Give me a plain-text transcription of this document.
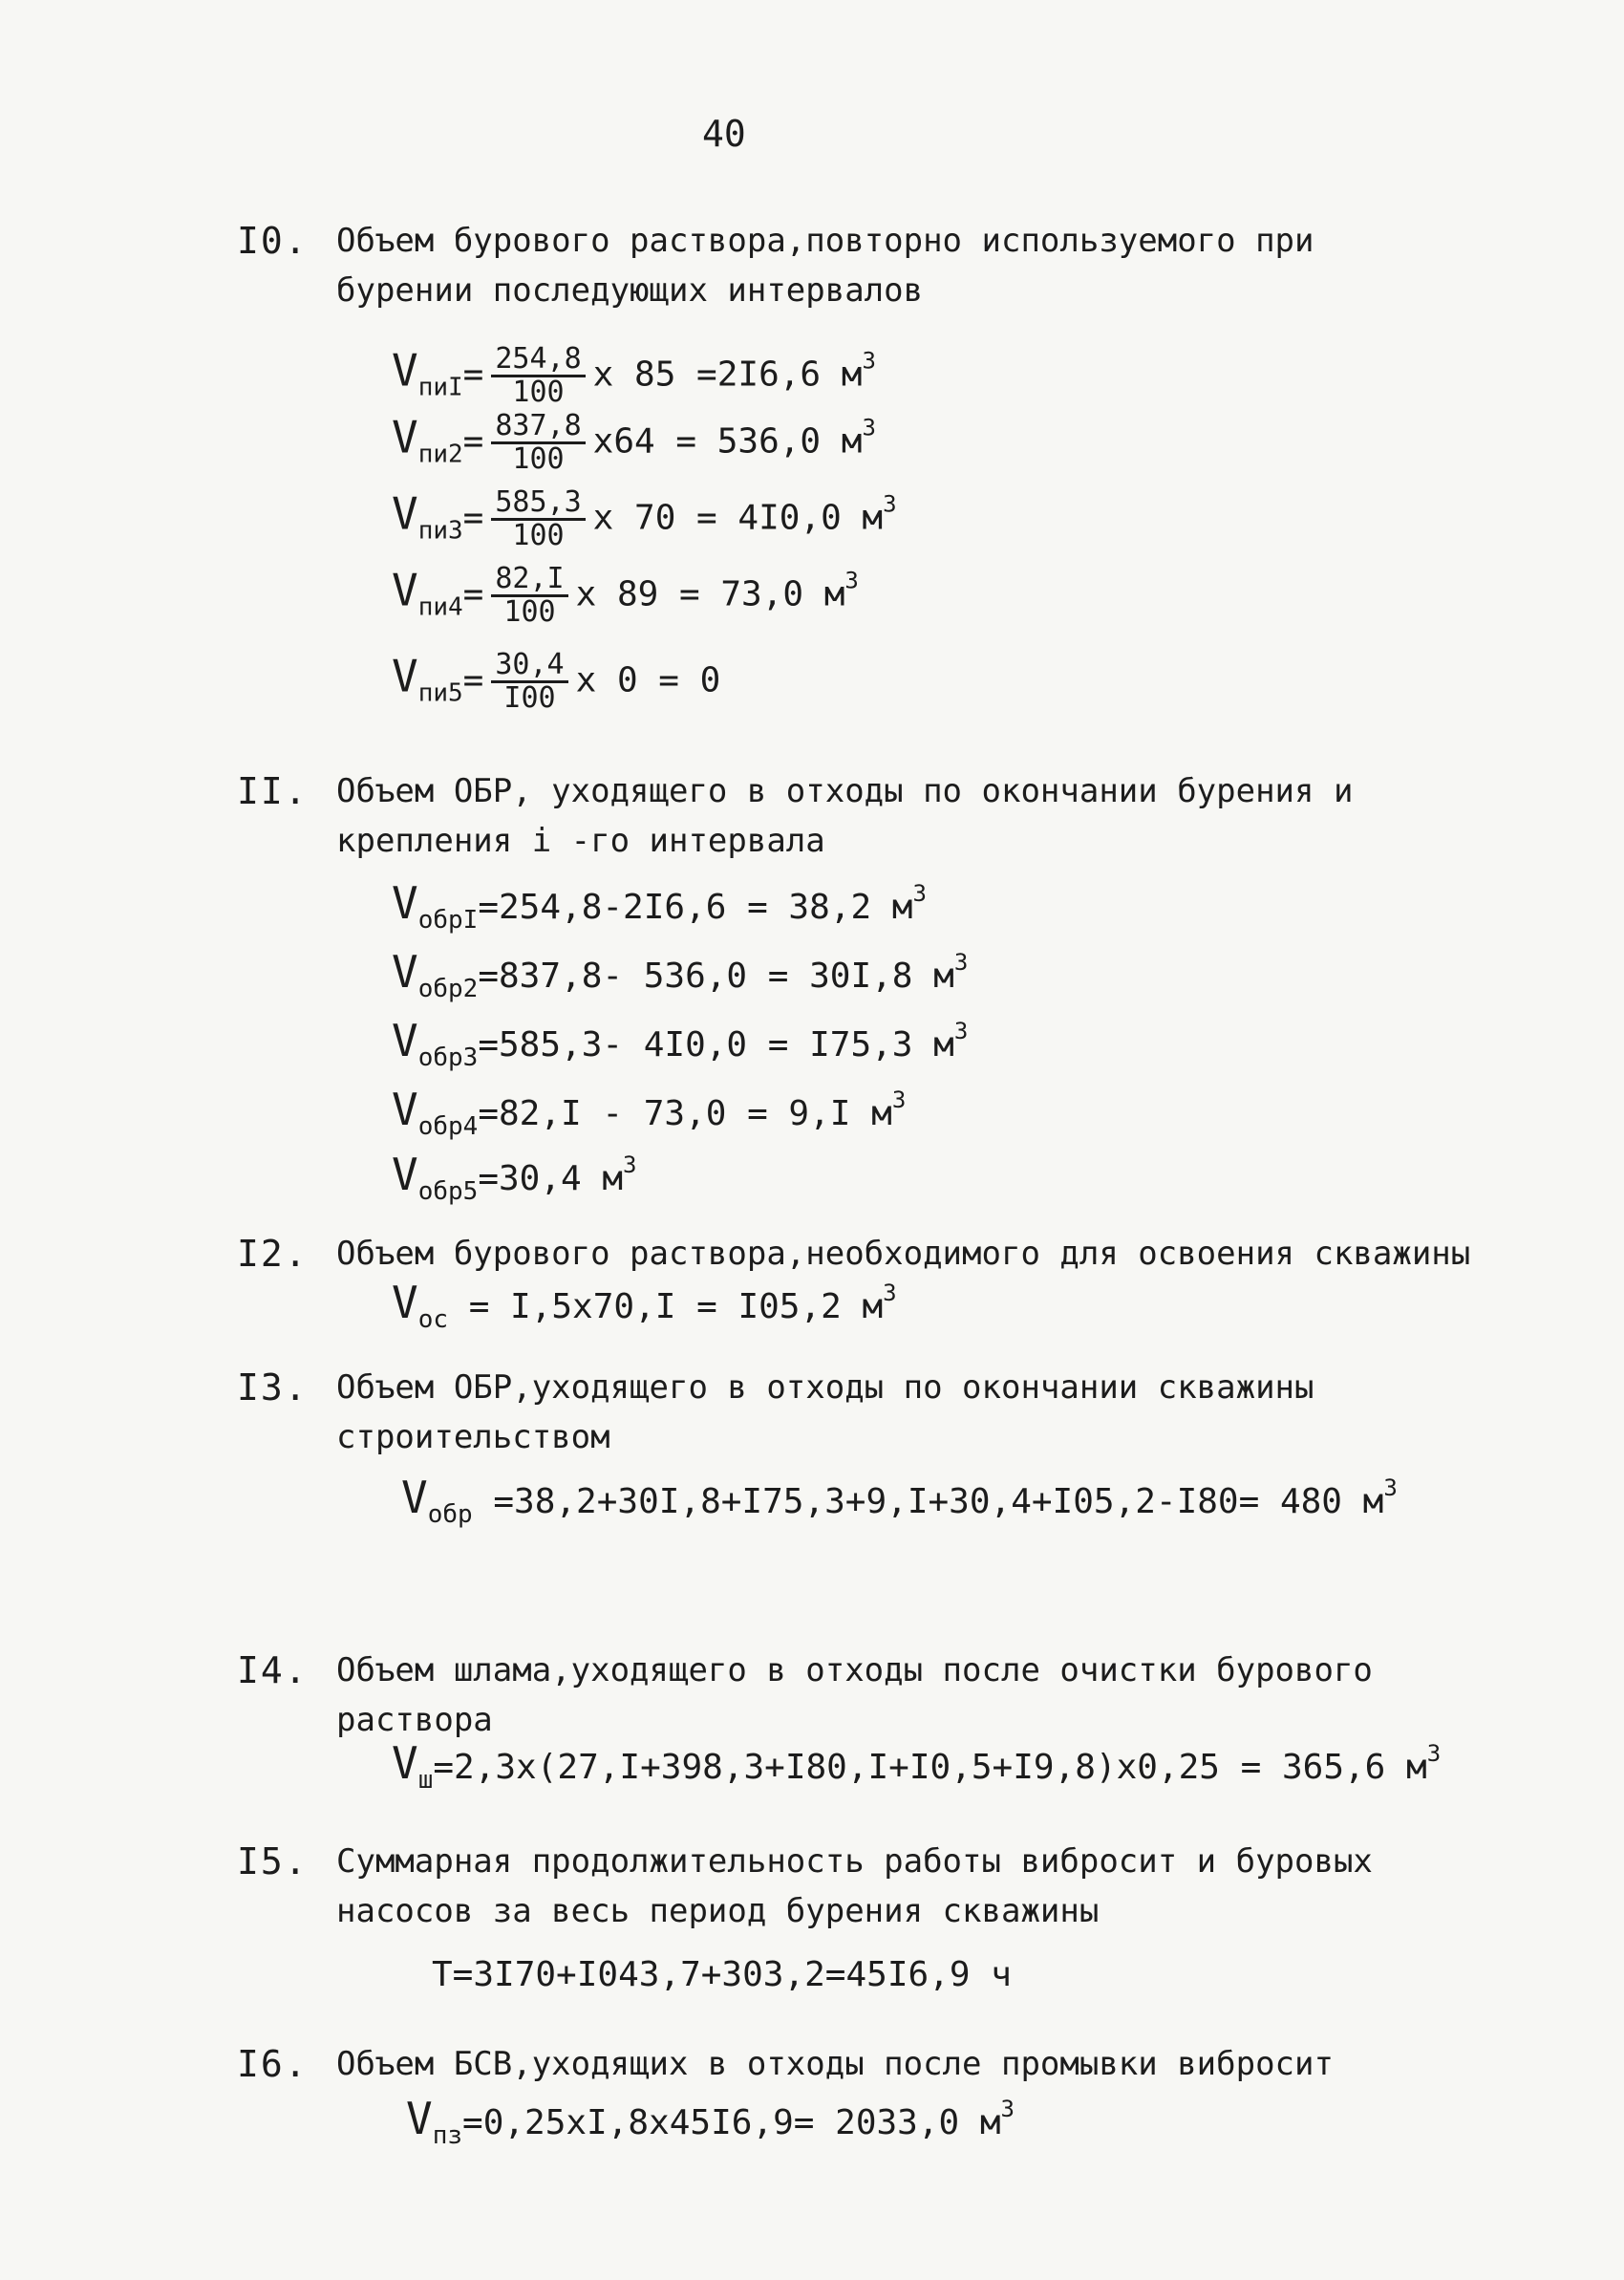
40
I0. Объем бурового раствора,повторно используемого при
бурении последующих интервалов
$V_{пиI}= \frac{254,8}{100}$ х 85 =2I6,6 $м^3$
$V_{пи2}= \frac{837,8}{100} х64 = 536,0$ $м^3$
$V_{пи3}= \frac{585,3}{100}$ х 70 = 4I0,0 $м^3$
$V_{пи4}= \frac{82,I}{100}$ х 89 = 73,0 $м^3$
$V_{пи5}= \frac{30,4}{I00}$ х 0 = 0
II. Объем ОБР, уходящего в отходы по окончании бурения и
крепления i -го интервала
$V_{обрI}=254,8-2I6,6 = 38,2$ $м^3$
$V_{обр2}=837,8-$ 536,0 = 30I,8 $м^3$
$V_{обр3}=585,3-$ 4I0,0 = I75,3 $м^3$
$V_{обр4}=82,I - 73,0 = 9,I$ $м^3$
$V_{обр5}=30,4$ $м^3$
I2. Объем бурового раствора,необходимого для освоения скважины
$V_{ос} = I,5х70,I = I05,2$ $м^3$
I3. Объем ОБР,уходящего в отходы по окончании скважины
строительством
$V_{обр} =38,2+30I,8+I75,3+9,I+30,4+I05,2-I80= 480$ $м^3$
I4. Объем шлама,уходящего в отходы после очистки бурового
раствора
$V_ш=2,3х(27,I+398,3+I80,I+I0,5+I9,8)х0,25 = 365,6$ $м^3$
I5. Суммарная продолжительность работы вибросит и буровых
насосов за весь период бурения скважины
T=3I70+I043,7+303,2=45I6,9 ч
I6. Объем БСВ,уходящих в отходы после промывки вибросит
$V_{пз}=0,25хI,8х45I6,9= 2033,0$ $м^3$
